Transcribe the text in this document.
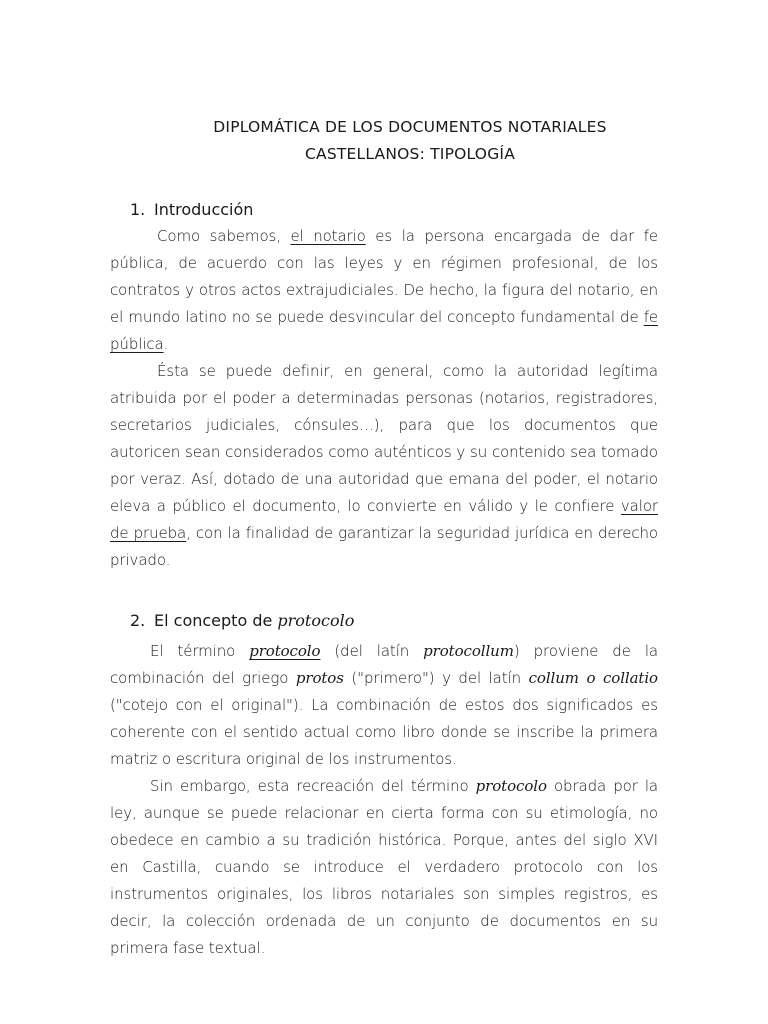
DIPLOMÁTICA DE LOS DOCUMENTOS NOTARIALES
CASTELLANOS: TIPOLOGÍA
1. Introducción

Como sabemos, el notario es la persona encargada de dar fe pública, de acuerdo con las leyes y en régimen profesional, de los contratos y otros actos extrajudiciales. De hecho, la figura del notario, en el mundo latino no se puede desvincular del concepto fundamental de fe pública.

Ésta se puede definir, en general, como la autoridad legítima atribuida por el poder a determinadas personas (notarios, registradores, secretarios judiciales, cónsules…), para que los documentos que autoricen sean considerados como auténticos y su contenido sea tomado por veraz. Así, dotado de una autoridad que emana del poder, el notario eleva a público el documento, lo convierte en válido y le confiere valor de prueba, con la finalidad de garantizar la seguridad jurídica en derecho privado.

2. El concepto de protocolo

El término protocolo (del latín protocollum) proviene de la combinación del griego protos ("primero") y del latín collum o collatio ("cotejo con el original"). La combinación de estos dos significados es coherente con el sentido actual como libro donde se inscribe la primera matriz o escritura original de los instrumentos.

Sin embargo, esta recreación del término protocolo obrada por la ley, aunque se puede relacionar en cierta forma con su etimología, no obedece en cambio a su tradición histórica. Porque, antes del siglo XVI en Castilla, cuando se introduce el verdadero protocolo con los instrumentos originales, los libros notariales son simples registros, es decir, la colección ordenada de un conjunto de documentos en su primera fase textual.
